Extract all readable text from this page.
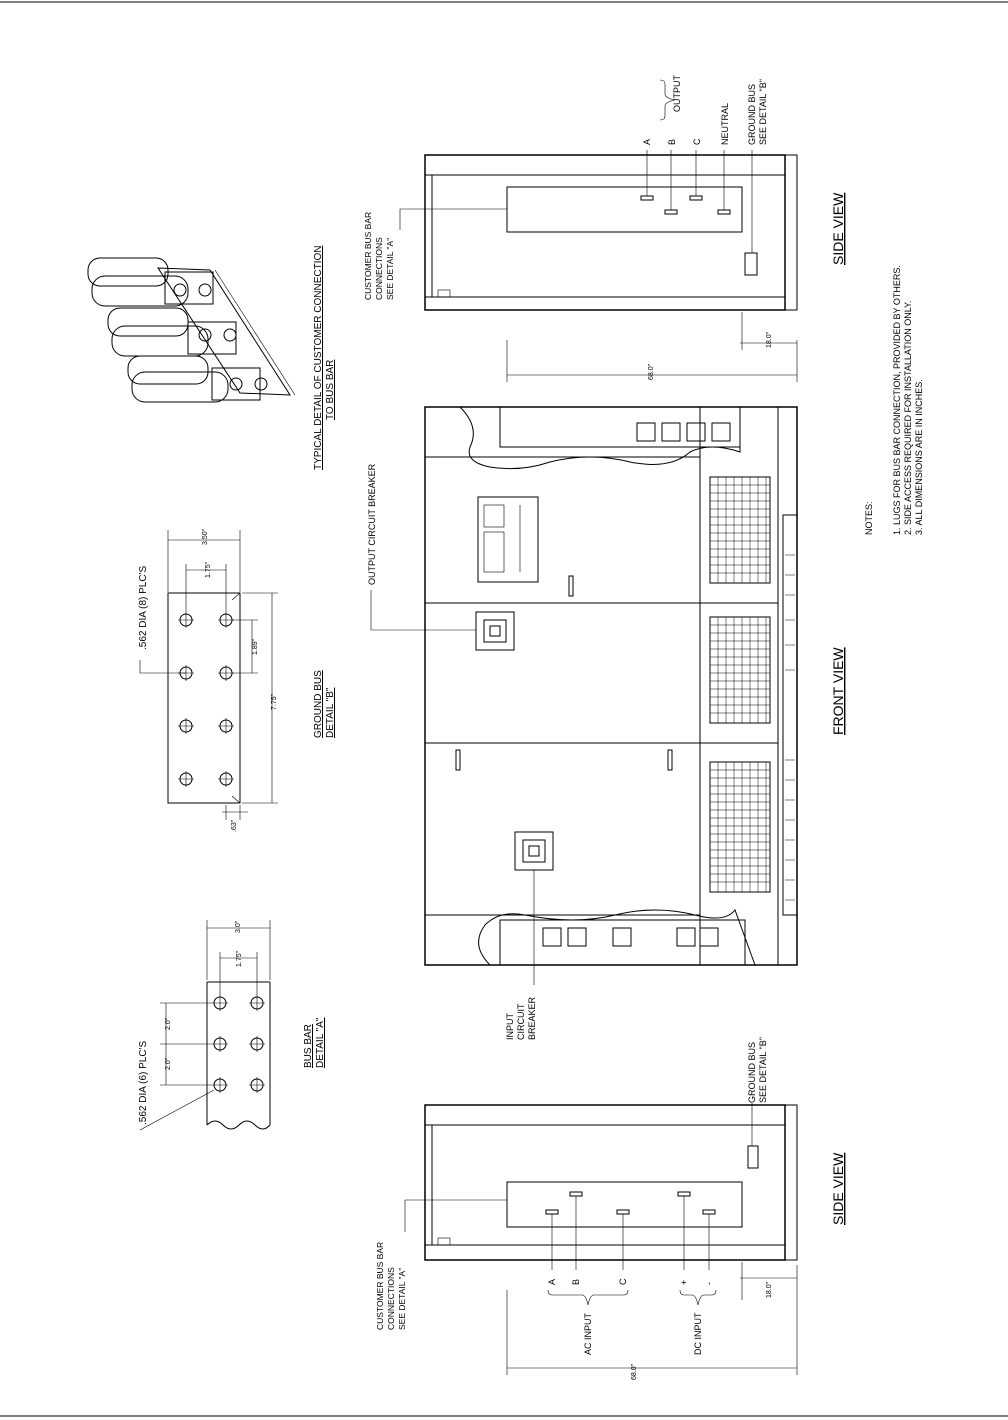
TYPICAL DETAIL OF CUSTOMER CONNECTION TO BUS BAR
3.50"
1.75"
1.89"
7.75"
.63"
.562 DIA (8) PLC'S
GROUND BUS DETAIL "B"
3.0"
1.75"
2.0"
2.0"
.562 DIA (6) PLC'S	BUS BAR DETAIL "A"
A B C
OUTPUT
NEUTRAL GROUND BUS SEE DETAIL "B"
CUSTOMER BUS BAR CONNECTIONS SEE DETAIL "A"
68.0"
18.0"
SIDE VIEW
OUTPUT CIRCUIT BREAKER
INPUT CIRCUIT BREAKER
FRONT VIEW
A B	C	+ -
AC INPUT	DC INPUT
GROUND BUS SEE DETAIL "B"
CUSTOMER BUS BAR CONNECTIONS SEE DETAIL "A"
68.0"
18.0"
SIDE VIEW
NOTES: 1. LUGS FOR BUS BAR CONNECTION, PROVIDED BY OTHERS. 2. SIDE ACCESS REQUIRED FOR INSTALLATION ONLY. 3. ALL DIMENSIONS ARE IN INCHES.
